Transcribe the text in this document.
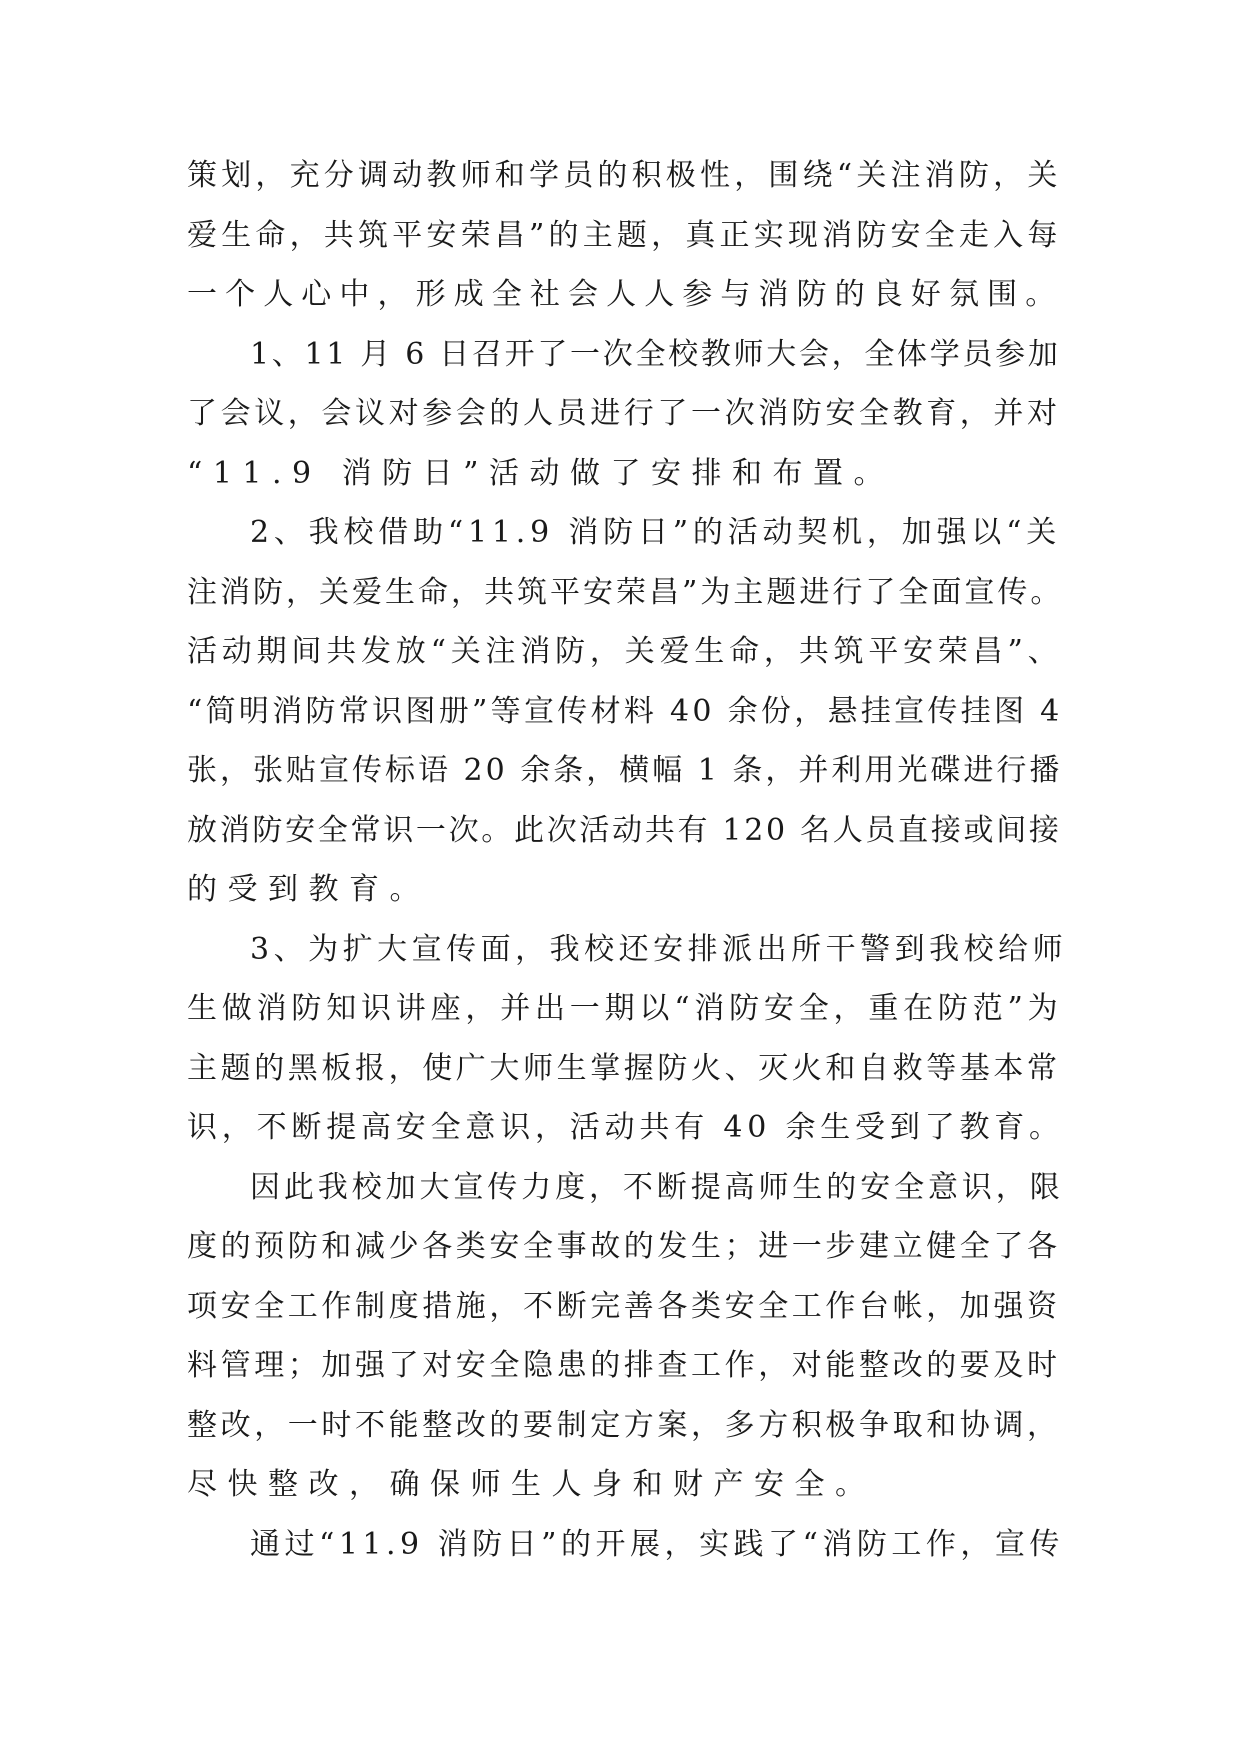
策划，充分调动教师和学员的积极性，围绕“关注消防，关
爱生命，共筑平安荣昌”的主题，真正实现消防安全走入每
一个人心中，形成全社会人人参与消防的良好氛围。

1、11 月 6 日召开了一次全校教师大会，全体学员参加
了会议，会议对参会的人员进行了一次消防安全教育，并对
“11.9 消防日”活动做了安排和布置。

2、我校借助“11.9 消防日”的活动契机，加强以“关
注消防，关爱生命，共筑平安荣昌”为主题进行了全面宣传。
活动期间共发放“关注消防，关爱生命，共筑平安荣昌”、
“简明消防常识图册”等宣传材料 40 余份，悬挂宣传挂图 4
张，张贴宣传标语 20 余条，横幅 1 条，并利用光碟进行播
放消防安全常识一次。此次活动共有 120 名人员直接或间接
的受到教育。

3、为扩大宣传面，我校还安排派出所干警到我校给师
生做消防知识讲座，并出一期以“消防安全，重在防范”为
主题的黑板报，使广大师生掌握防火、灭火和自救等基本常
识，不断提高安全意识，活动共有 40 余生受到了教育。

因此我校加大宣传力度，不断提高师生的安全意识，限
度的预防和减少各类安全事故的发生；进一步建立健全了各
项安全工作制度措施，不断完善各类安全工作台帐，加强资
料管理；加强了对安全隐患的排查工作，对能整改的要及时
整改，一时不能整改的要制定方案，多方积极争取和协调，
尽快整改，确保师生人身和财产安全。

通过“11.9 消防日”的开展，实践了“消防工作，宣传
